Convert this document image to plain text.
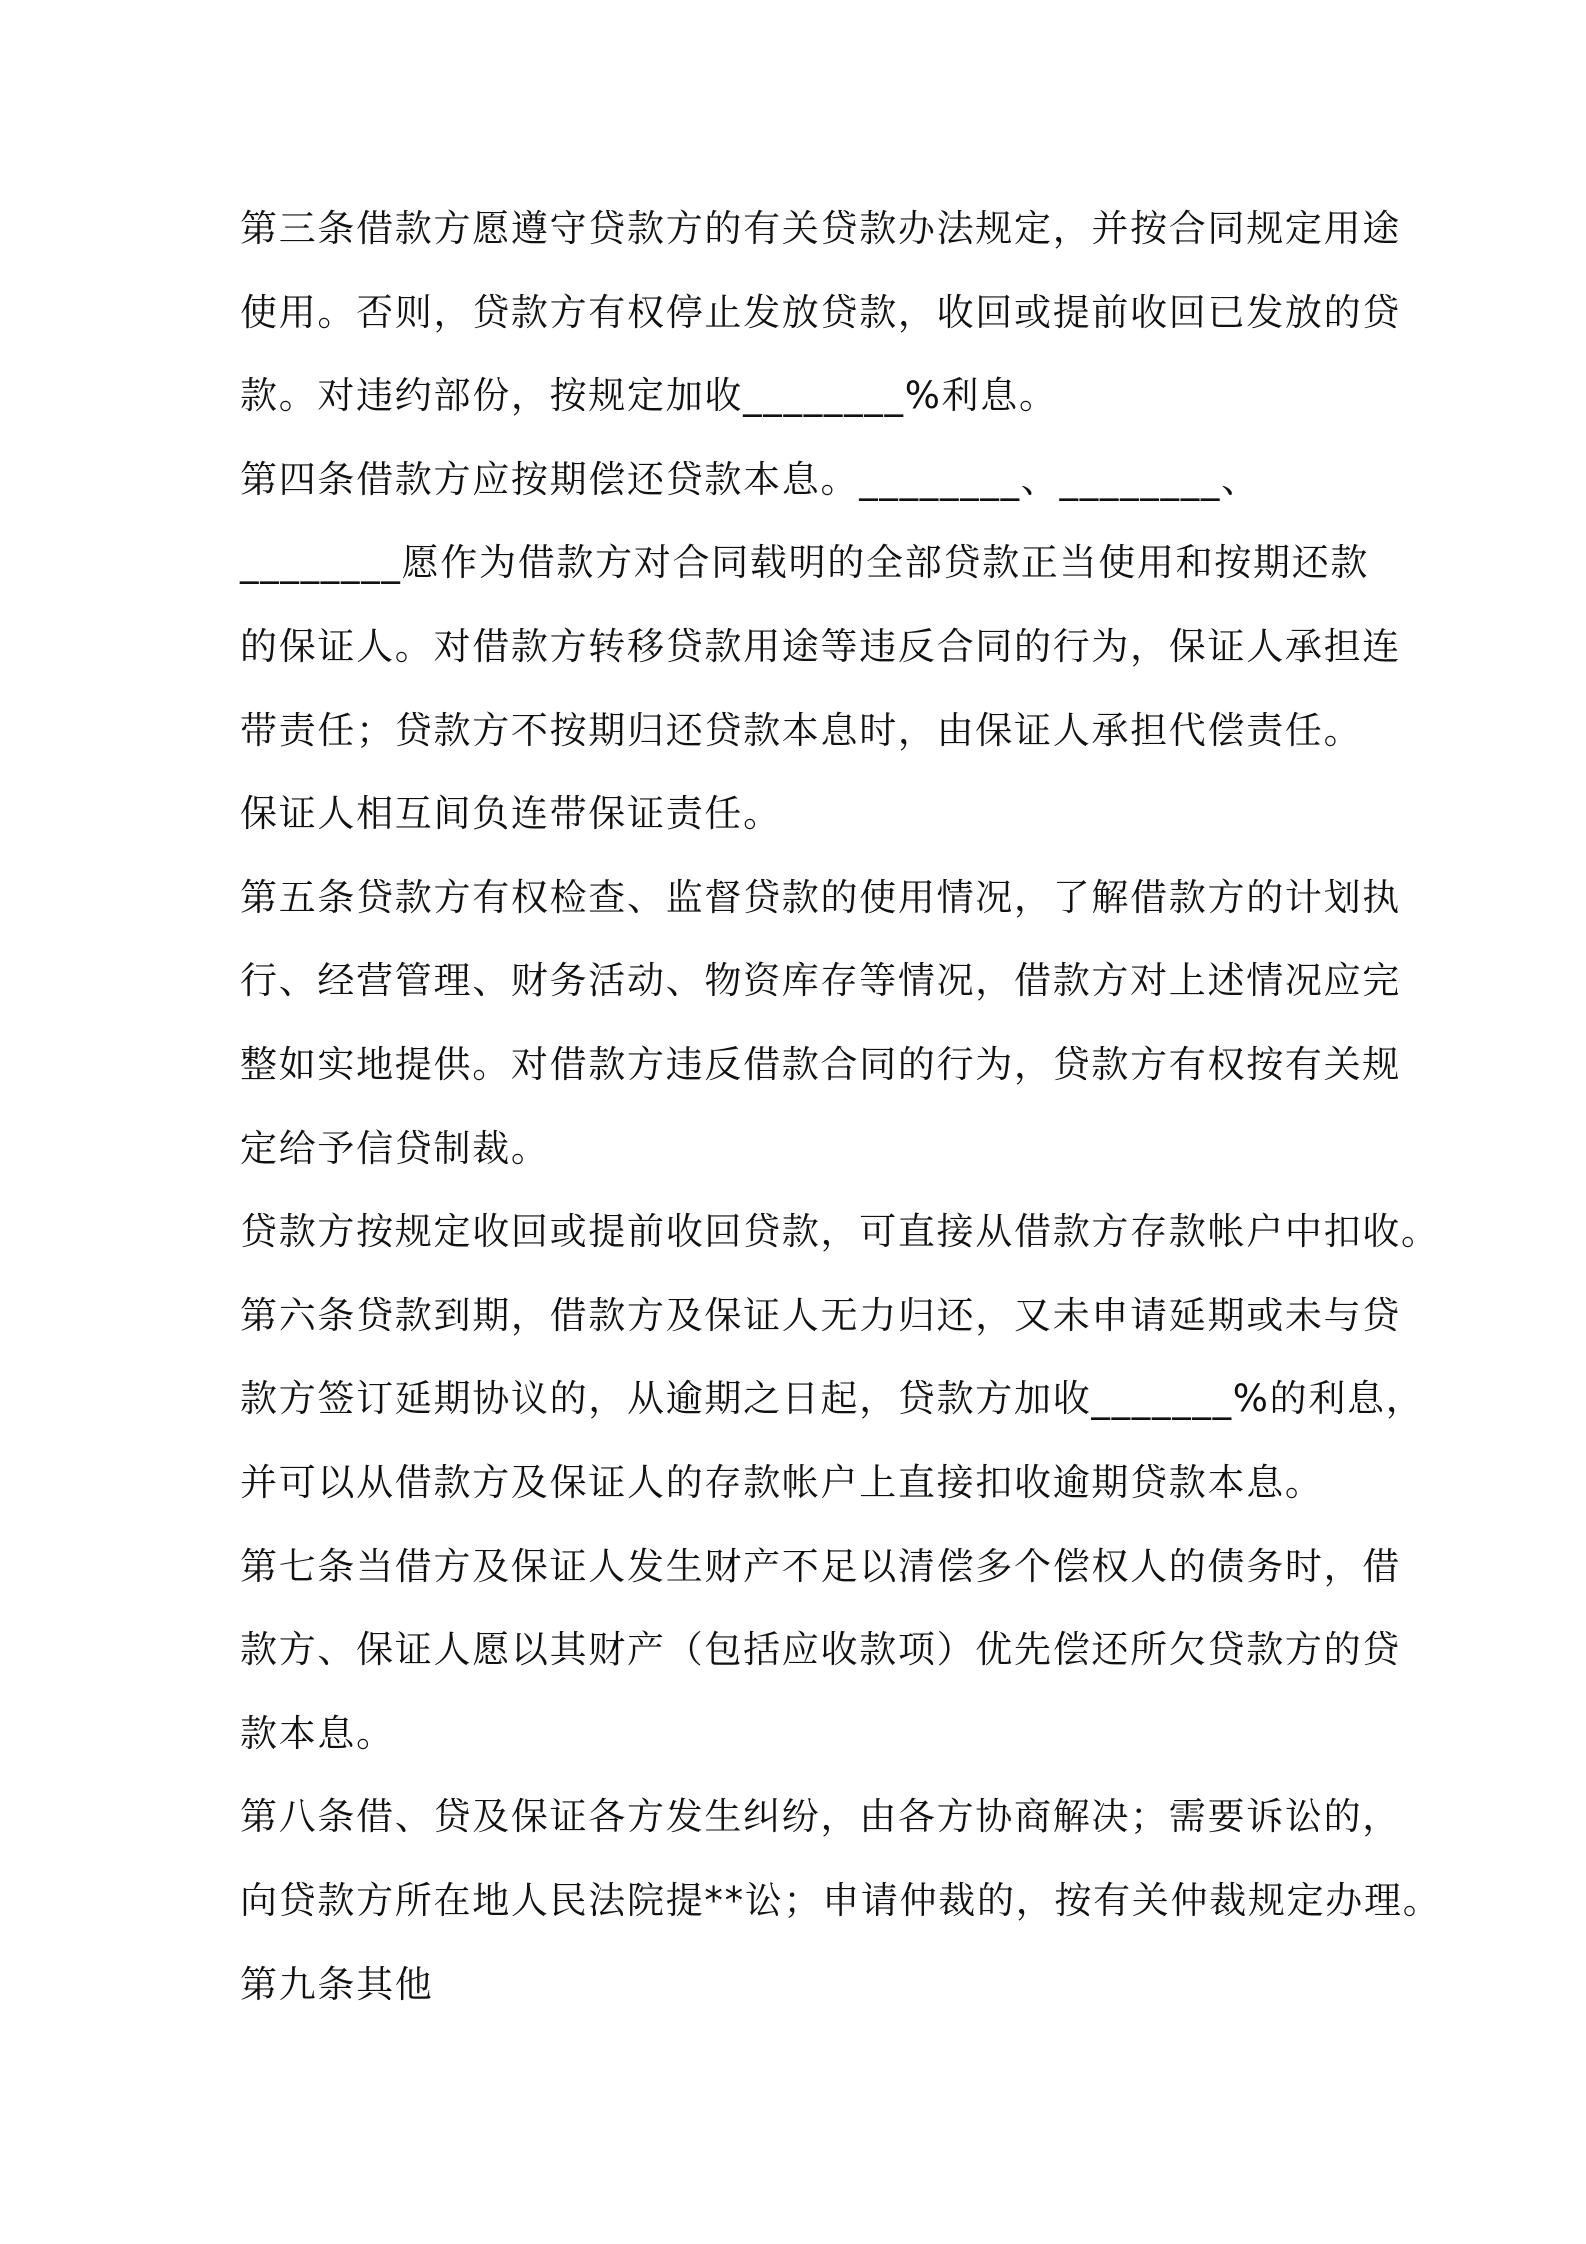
第三条借款方愿遵守贷款方的有关贷款办法规定，并按合同规定用途
使用。否则，贷款方有权停止发放贷款，收回或提前收回已发放的贷
款。对违约部份，按规定加收________%利息。
第四条借款方应按期偿还贷款本息。________、________、
________愿作为借款方对合同载明的全部贷款正当使用和按期还款
的保证人。对借款方转移贷款用途等违反合同的行为，保证人承担连
带责任；贷款方不按期归还贷款本息时，由保证人承担代偿责任。
保证人相互间负连带保证责任。
第五条贷款方有权检查、监督贷款的使用情况，了解借款方的计划执
行、经营管理、财务活动、物资库存等情况，借款方对上述情况应完
整如实地提供。对借款方违反借款合同的行为，贷款方有权按有关规
定给予信贷制裁。
贷款方按规定收回或提前收回贷款，可直接从借款方存款帐户中扣收。
第六条贷款到期，借款方及保证人无力归还，又未申请延期或未与贷
款方签订延期协议的，从逾期之日起，贷款方加收_______%的利息，
并可以从借款方及保证人的存款帐户上直接扣收逾期贷款本息。
第七条当借方及保证人发生财产不足以清偿多个偿权人的债务时，借
款方、保证人愿以其财产（包括应收款项）优先偿还所欠贷款方的贷
款本息。
第八条借、贷及保证各方发生纠纷，由各方协商解决；需要诉讼的，
向贷款方所在地人民法院提**讼；申请仲裁的，按有关仲裁规定办理。
第九条其他
